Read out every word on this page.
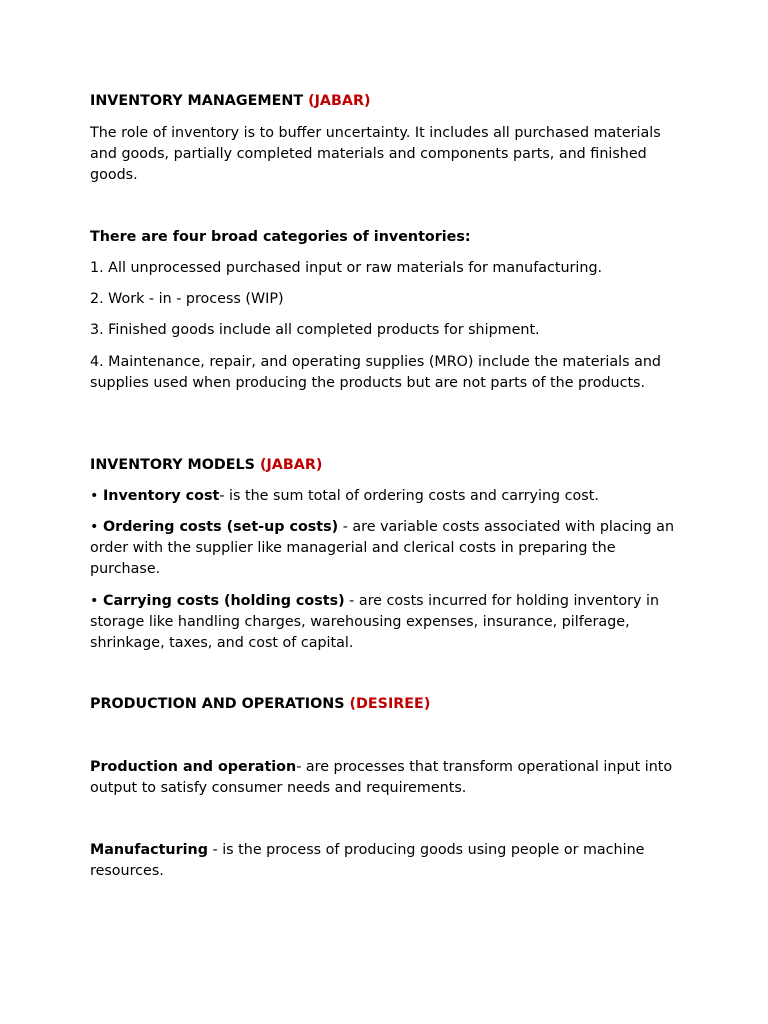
INVENTORY MANAGEMENT (JABAR)
The role of inventory is to buffer uncertainty. It includes all purchased materials and goods, partially completed materials and components parts, and finished goods.
There are four broad categories of inventories:
1. All unprocessed purchased input or raw materials for manufacturing.
2. Work - in - process (WIP)
3. Finished goods include all completed products for shipment.
4. Maintenance, repair, and operating supplies (MRO) include the materials and supplies used when producing the products but are not parts of the products.
INVENTORY MODELS (JABAR)
• Inventory cost- is the sum total of ordering costs and carrying cost.
• Ordering costs (set-up costs) - are variable costs associated with placing an order with the supplier like managerial and clerical costs in preparing the purchase.
• Carrying costs (holding costs) - are costs incurred for holding inventory in storage like handling charges, warehousing expenses, insurance, pilferage, shrinkage, taxes, and cost of capital.
PRODUCTION AND OPERATIONS (DESIREE)
Production and operation- are processes that transform operational input into output to satisfy consumer needs and requirements.
Manufacturing - is the process of producing goods using people or machine resources.
